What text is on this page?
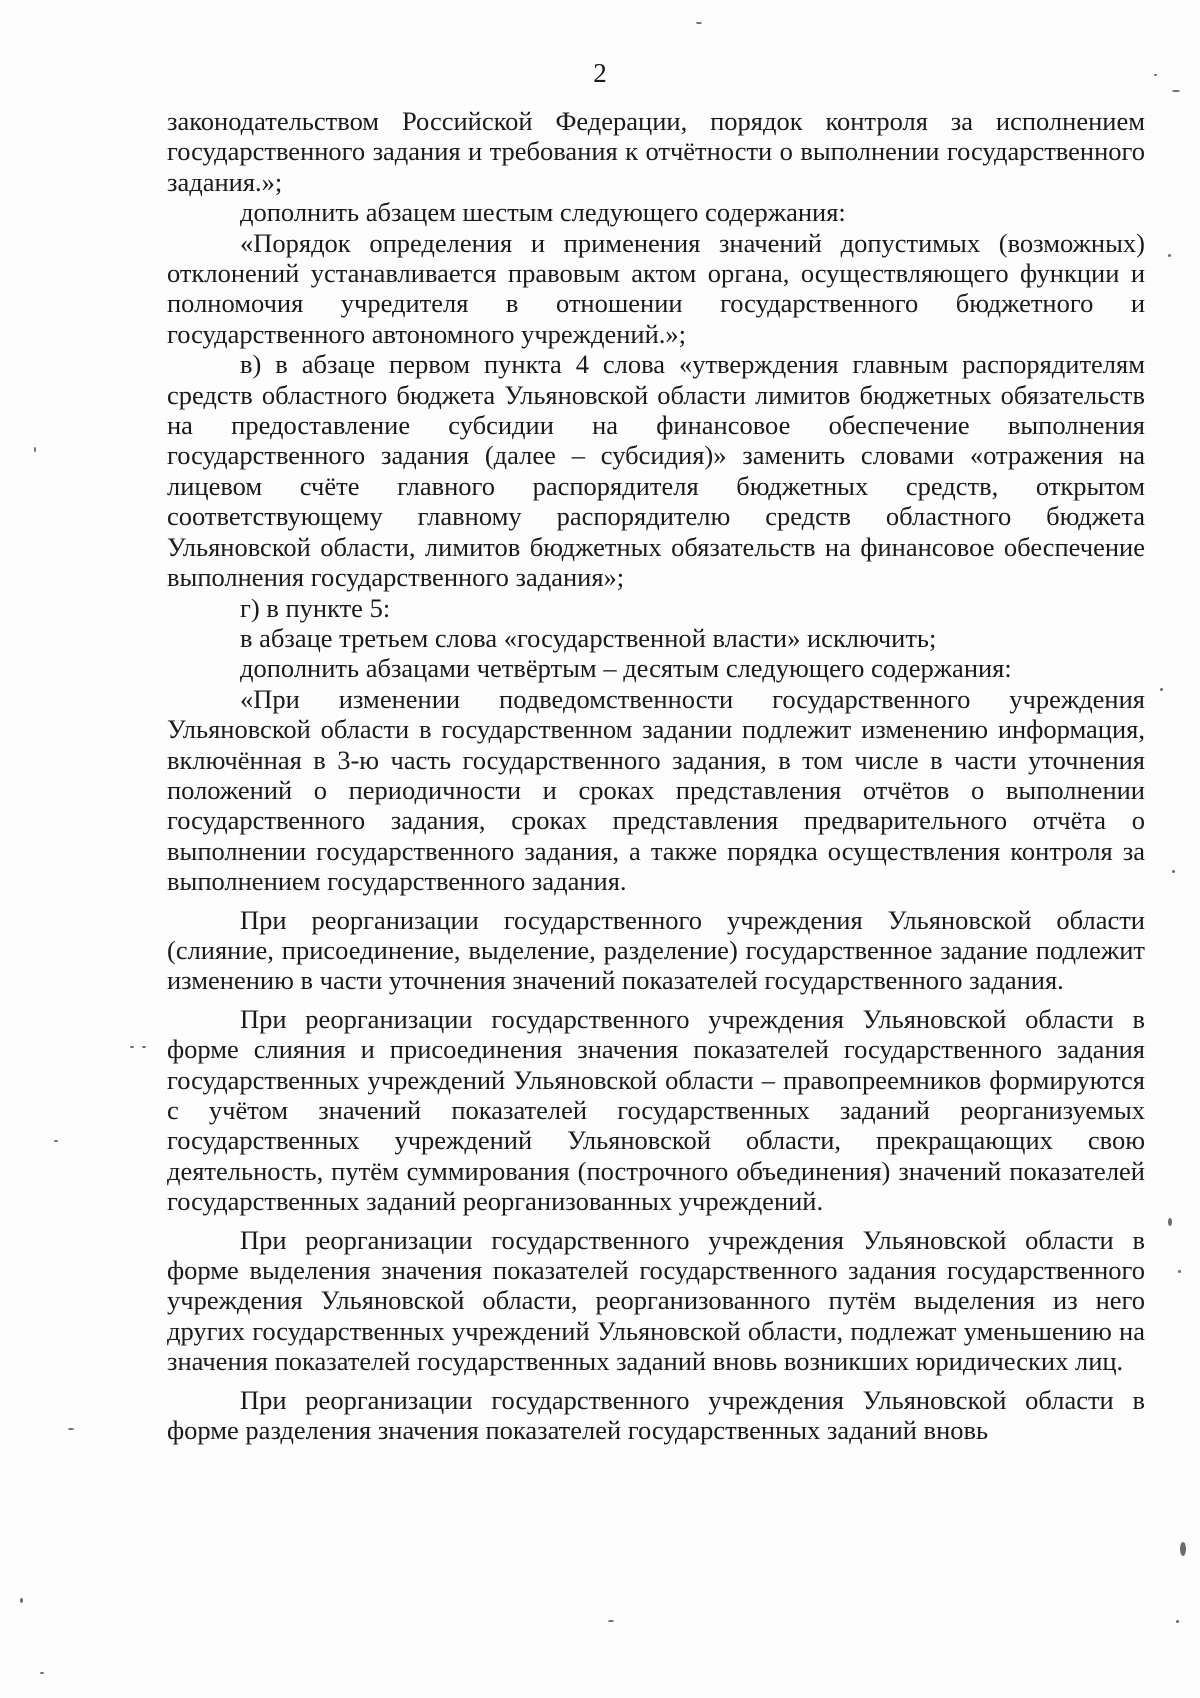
2

законодательством Российской Федерации, порядок контроля за исполнением государственного задания и требования к отчётности о выполнении государственного задания.»;

дополнить абзацем шестым следующего содержания:

«Порядок определения и применения значений допустимых (возможных) отклонений устанавливается правовым актом органа, осуществляющего функции и полномочия учредителя в отношении государственного бюджетного и государственного автономного учреждений.»;

в) в абзаце первом пункта 4 слова «утверждения главным распорядителям средств областного бюджета Ульяновской области лимитов бюджетных обязательств на предоставление субсидии на финансовое обеспечение выполнения государственного задания (далее – субсидия)» заменить словами «отражения на лицевом счёте главного распорядителя бюджетных средств, открытом соответствующему главному распорядителю средств областного бюджета Ульяновской области, лимитов бюджетных обязательств на финансовое обеспечение выполнения государственного задания»;

г) в пункте 5:

в абзаце третьем слова «государственной власти» исключить;

дополнить абзацами четвёртым – десятым следующего содержания:

«При изменении подведомственности государственного учреждения Ульяновской области в государственном задании подлежит изменению информация, включённая в 3-ю часть государственного задания, в том числе в части уточнения положений о периодичности и сроках представления отчётов о выполнении государственного задания, сроках представления предварительного отчёта о выполнении государственного задания, а также порядка осуществления контроля за выполнением государственного задания.

При реорганизации государственного учреждения Ульяновской области (слияние, присоединение, выделение, разделение) государственное задание подлежит изменению в части уточнения значений показателей государственного задания.

При реорганизации государственного учреждения Ульяновской области в форме слияния и присоединения значения показателей государственного задания государственных учреждений Ульяновской области – правопреемников формируются с учётом значений показателей государственных заданий реорганизуемых государственных учреждений Ульяновской области, прекращающих свою деятельность, путём суммирования (построчного объединения) значений показателей государственных заданий реорганизованных учреждений.

При реорганизации государственного учреждения Ульяновской области в форме выделения значения показателей государственного задания государственного учреждения Ульяновской области, реорганизованного путём выделения из него других государственных учреждений Ульяновской области, подлежат уменьшению на значения показателей государственных заданий вновь возникших юридических лиц.

При реорганизации государственного учреждения Ульяновской области в форме разделения значения показателей государственных заданий вновь
